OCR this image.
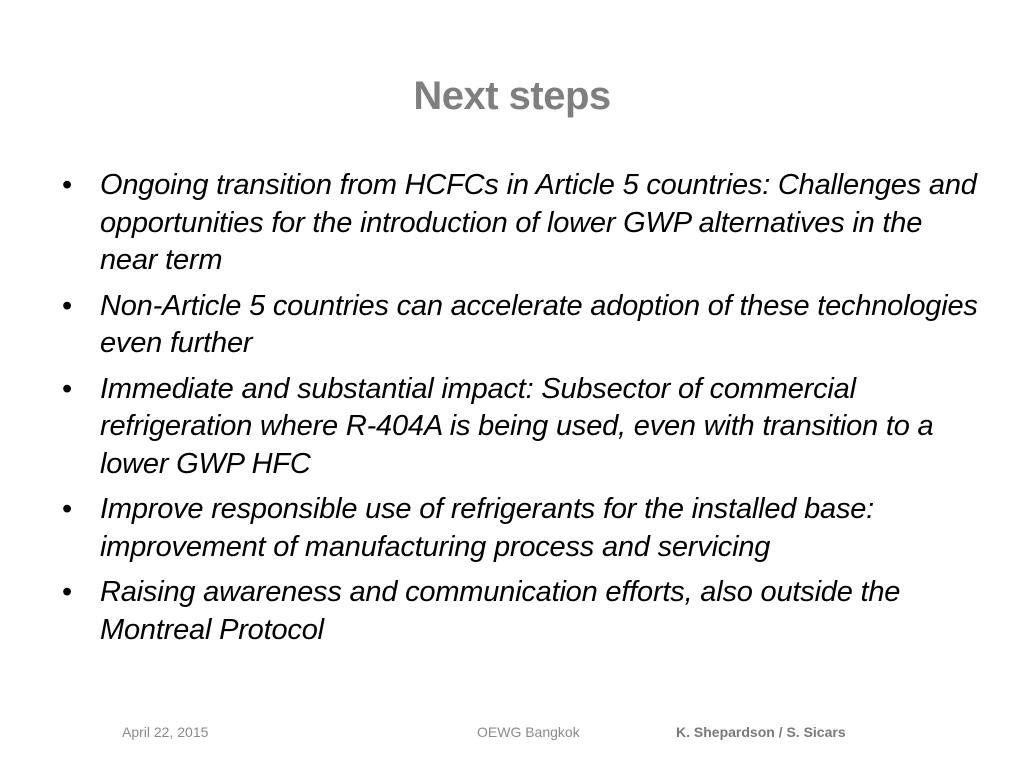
Next steps
• Ongoing transition from HCFCs in Article 5 countries: Challenges and opportunities for the introduction of lower GWP alternatives in the near term
• Non-Article 5 countries can accelerate adoption of these technologies even further
• Immediate and substantial impact: Subsector of commercial refrigeration where R-404A is being used, even with transition to a lower GWP HFC
• Improve responsible use of refrigerants for the installed base: improvement of manufacturing process and servicing
• Raising awareness and communication efforts, also outside the Montreal Protocol
April 22, 2015	OEWG Bangkok	K. Shepardson / S. Sicars
